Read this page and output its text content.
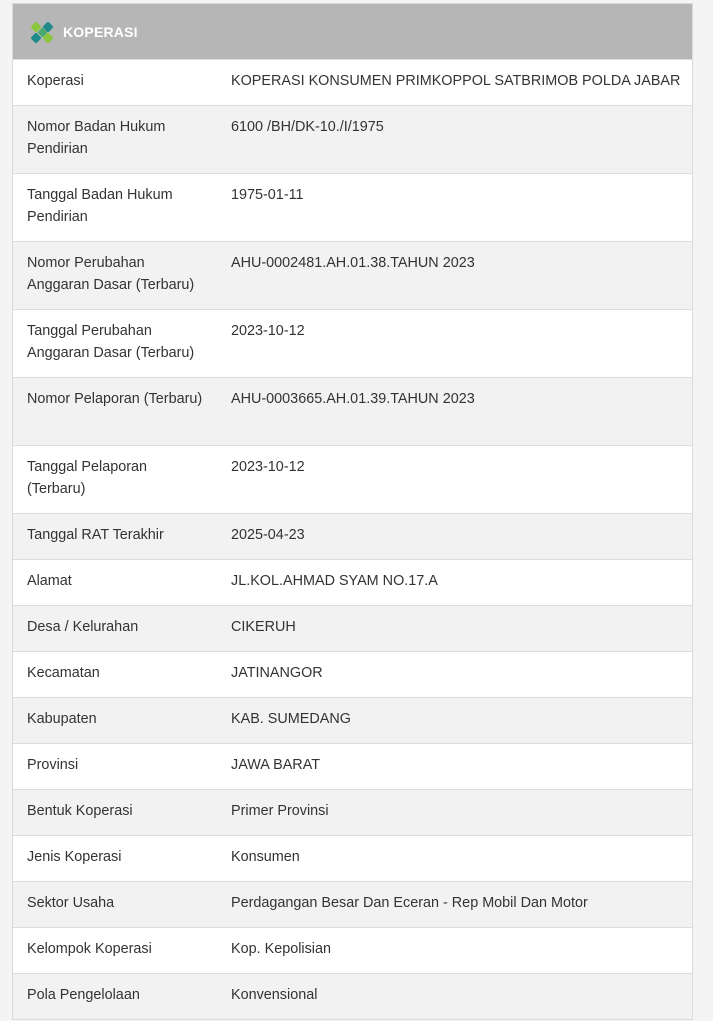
KOPERASI
Koperasi	KOPERASI KONSUMEN PRIMKOPPOL SATBRIMOB POLDA JABAR
Nomor Badan Hukum Pendirian	6100 /BH/DK-10./I/1975
Tanggal Badan Hukum Pendirian	1975-01-11
Nomor Perubahan Anggaran Dasar (Terbaru)	AHU-0002481.AH.01.38.TAHUN 2023
Tanggal Perubahan Anggaran Dasar (Terbaru)	2023-10-12
Nomor Pelaporan (Terbaru)	AHU-0003665.AH.01.39.TAHUN 2023
Tanggal Pelaporan (Terbaru)	2023-10-12
Tanggal RAT Terakhir	2025-04-23
Alamat	JL.KOL.AHMAD SYAM NO.17.A
Desa / Kelurahan	CIKERUH
Kecamatan	JATINANGOR
Kabupaten	KAB. SUMEDANG
Provinsi	JAWA BARAT
Bentuk Koperasi	Primer Provinsi
Jenis Koperasi	Konsumen
Sektor Usaha	Perdagangan Besar Dan Eceran - Rep Mobil Dan Motor
Kelompok Koperasi	Kop. Kepolisian
Pola Pengelolaan	Konvensional
